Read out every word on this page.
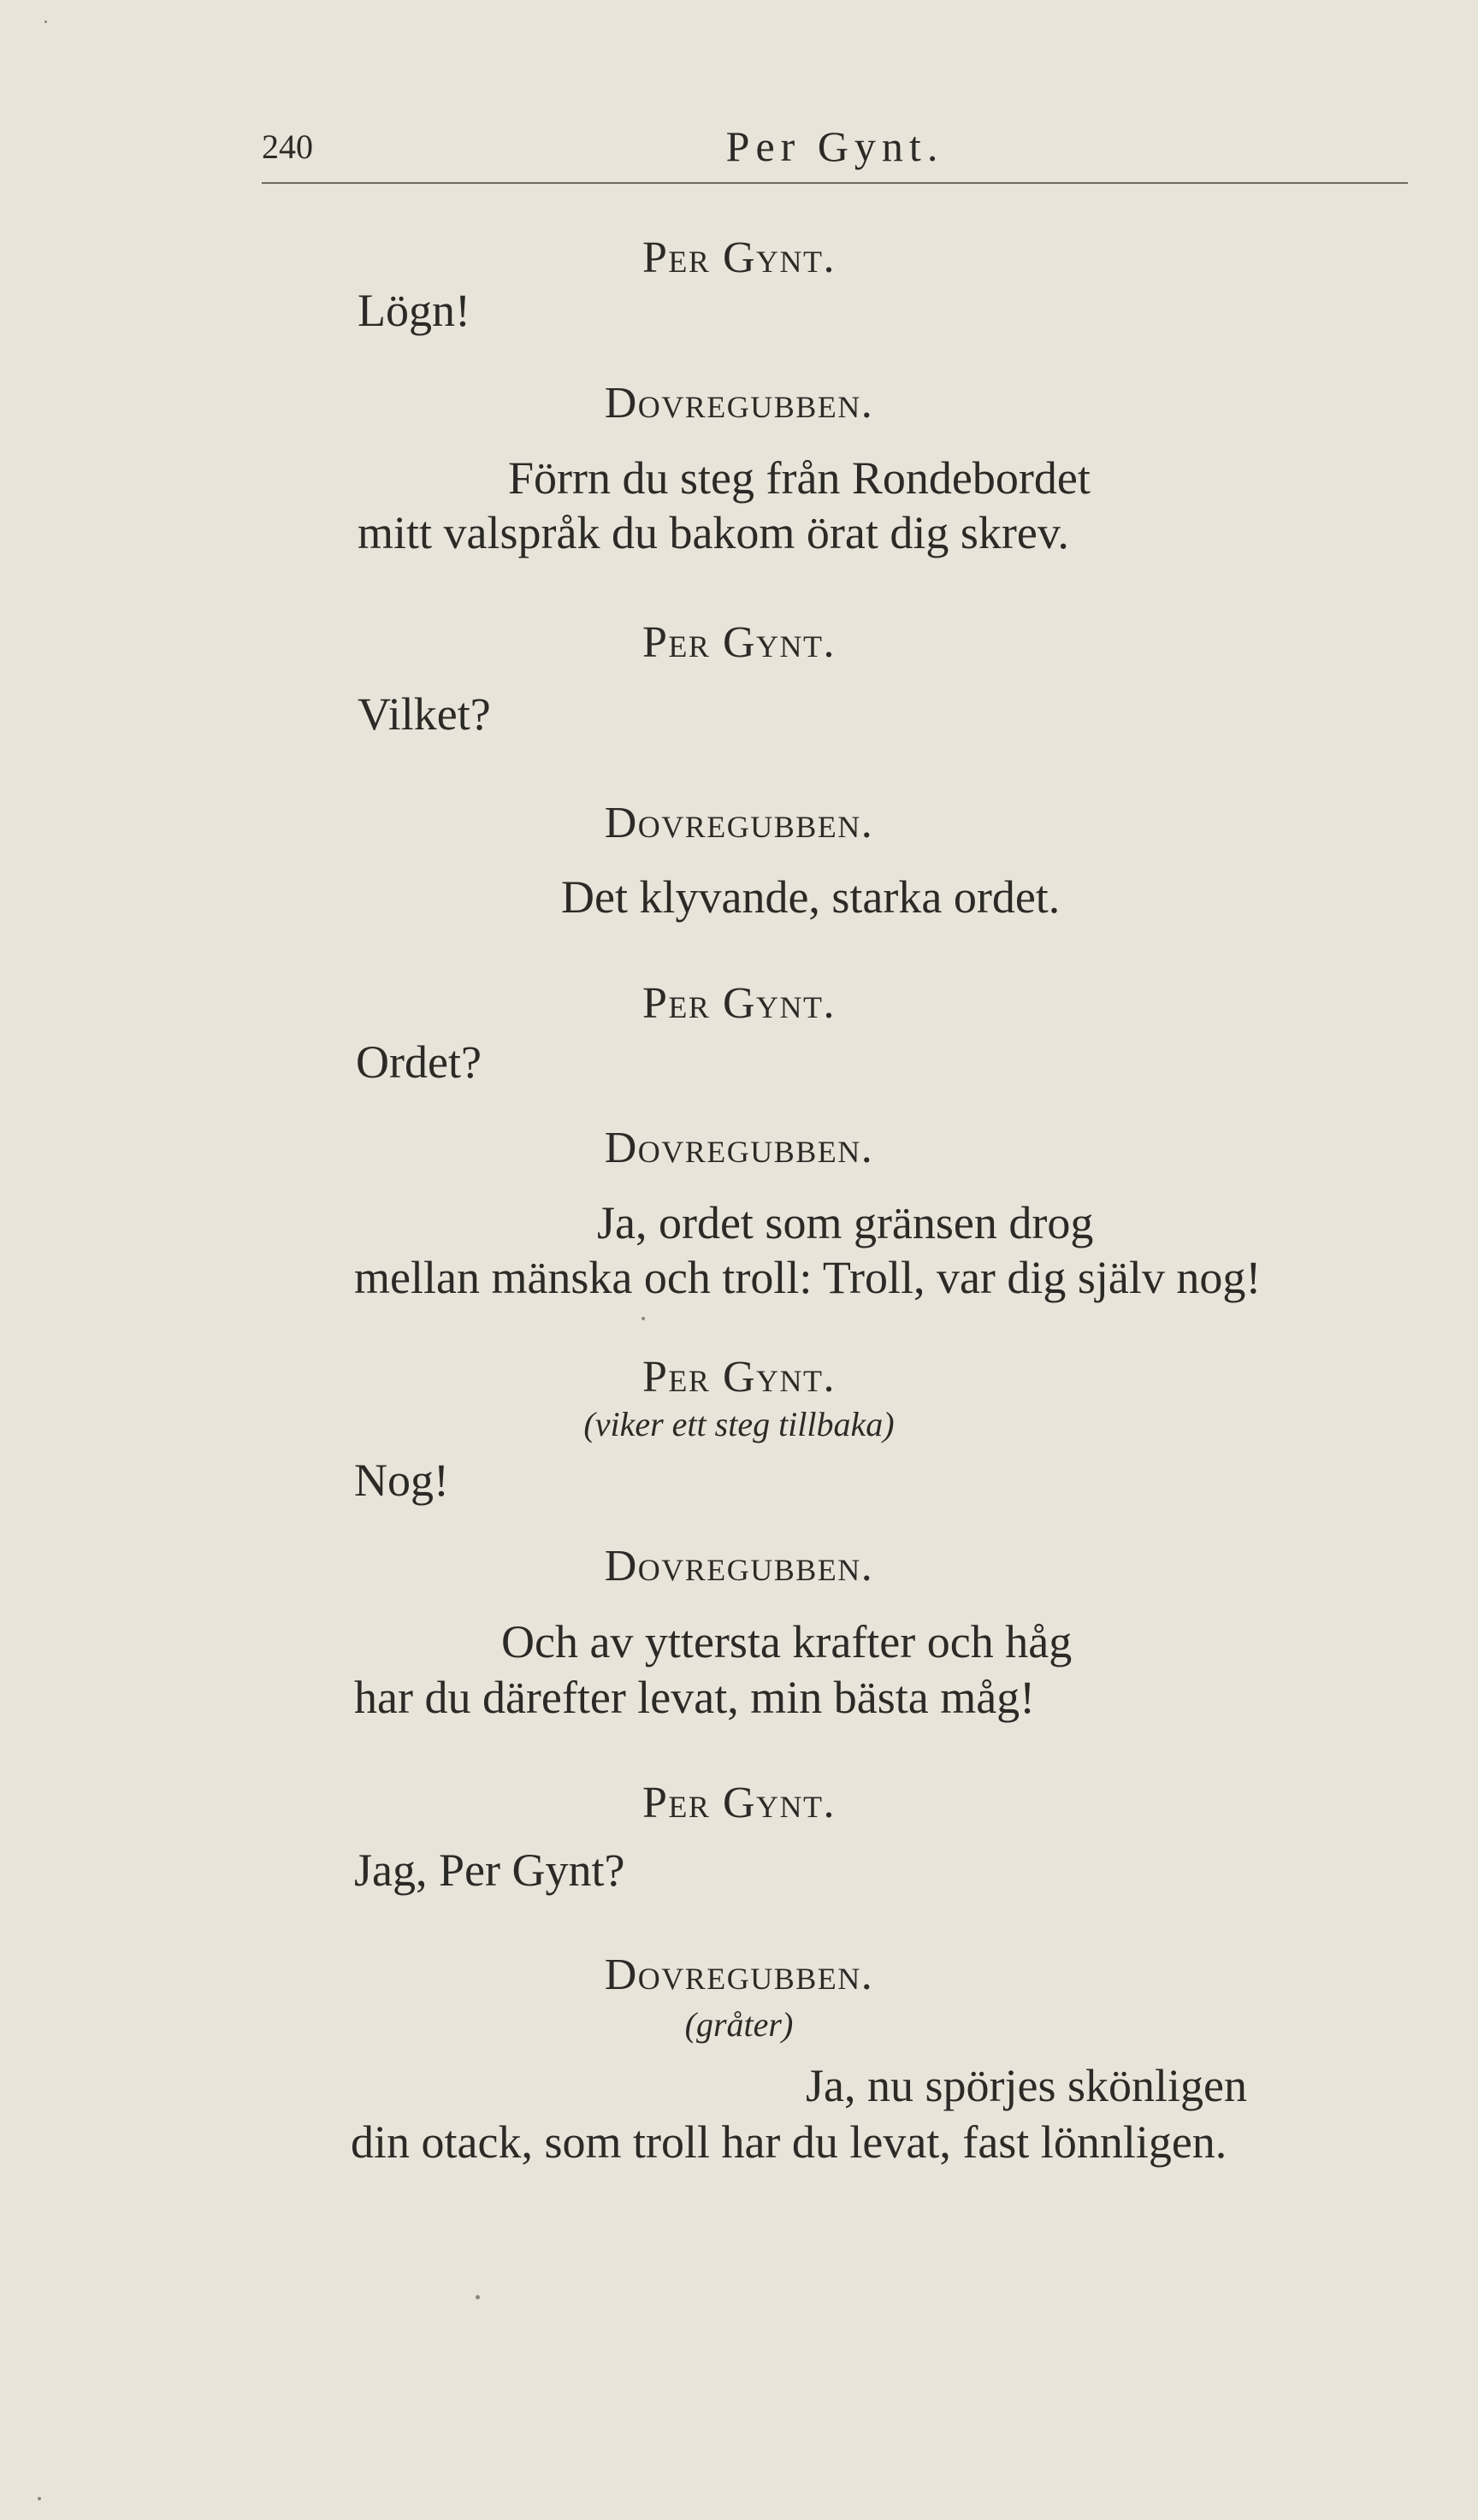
240	Per Gynt.
Per Gynt.
Lögn!
Dovregubben.
Förrn du steg från Rondebordet
mitt valspråk du bakom örat dig skrev.
Per Gynt.
Vilket?
Dovregubben.
Det klyvande, starka ordet.
Per Gynt.
Ordet?
Dovregubben.
Ja, ordet som gränsen drog
mellan mänska och troll: Troll, var dig själv nog!
Per Gynt.
(viker ett steg tillbaka)
Nog!
Dovregubben.
Och av yttersta krafter och håg
har du därefter levat, min bästa måg!
Per Gynt.
Jag, Per Gynt?
Dovregubben.
(gråter)
Ja, nu spörjes skönligen
din otack, som troll har du levat, fast lönnligen.
